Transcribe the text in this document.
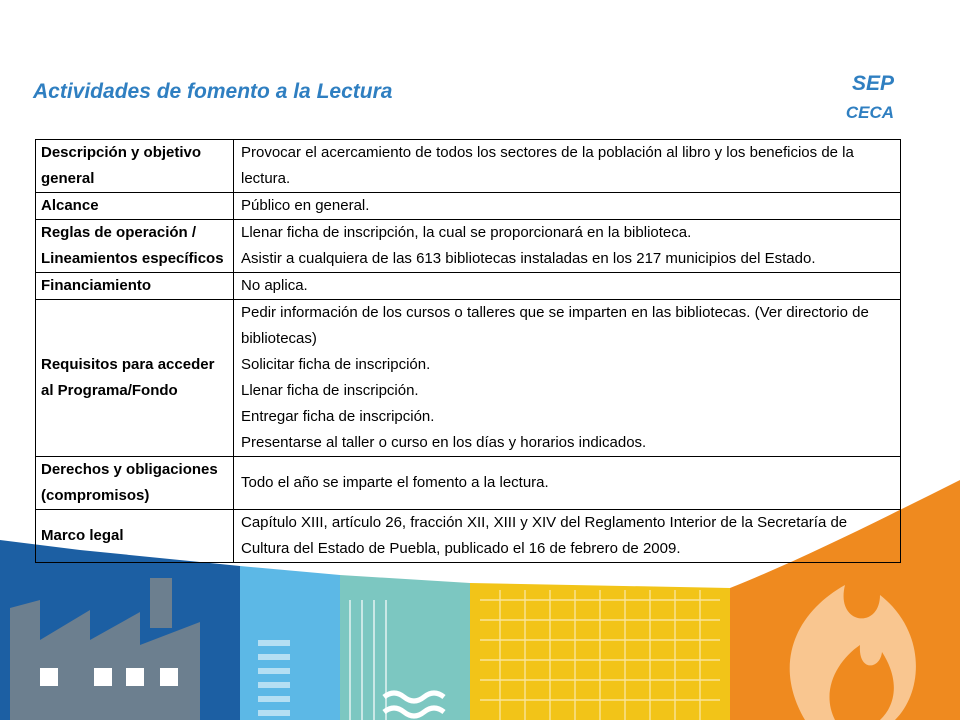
Actividades de fomento a la Lectura	SEP
CECA
Descripción y objetivo general	Provocar el acercamiento de todos los sectores de la población al libro y los beneficios de la lectura.

Alcance	Público en general.

Reglas de operación / Lineamientos específicos	Llenar ficha de inscripción, la cual se proporcionará en la biblioteca.
Asistir a cualquiera de las 613 bibliotecas instaladas en los 217 municipios del Estado.

Financiamiento	No aplica.

Requisitos para acceder al Programa/Fondo	Pedir información de los cursos o talleres que se imparten en las bibliotecas. (Ver directorio de bibliotecas)
Solicitar ficha de inscripción.
Llenar ficha de inscripción.
Entregar ficha de inscripción.
Presentarse al taller o curso en los días y horarios indicados.

Derechos y obligaciones (compromisos)	Todo el año se imparte el fomento a la lectura.

Marco legal	Capítulo XIII, artículo 26, fracción XII, XIII y XIV del Reglamento Interior de la Secretaría de Cultura del Estado de Puebla, publicado el 16 de febrero de 2009.
